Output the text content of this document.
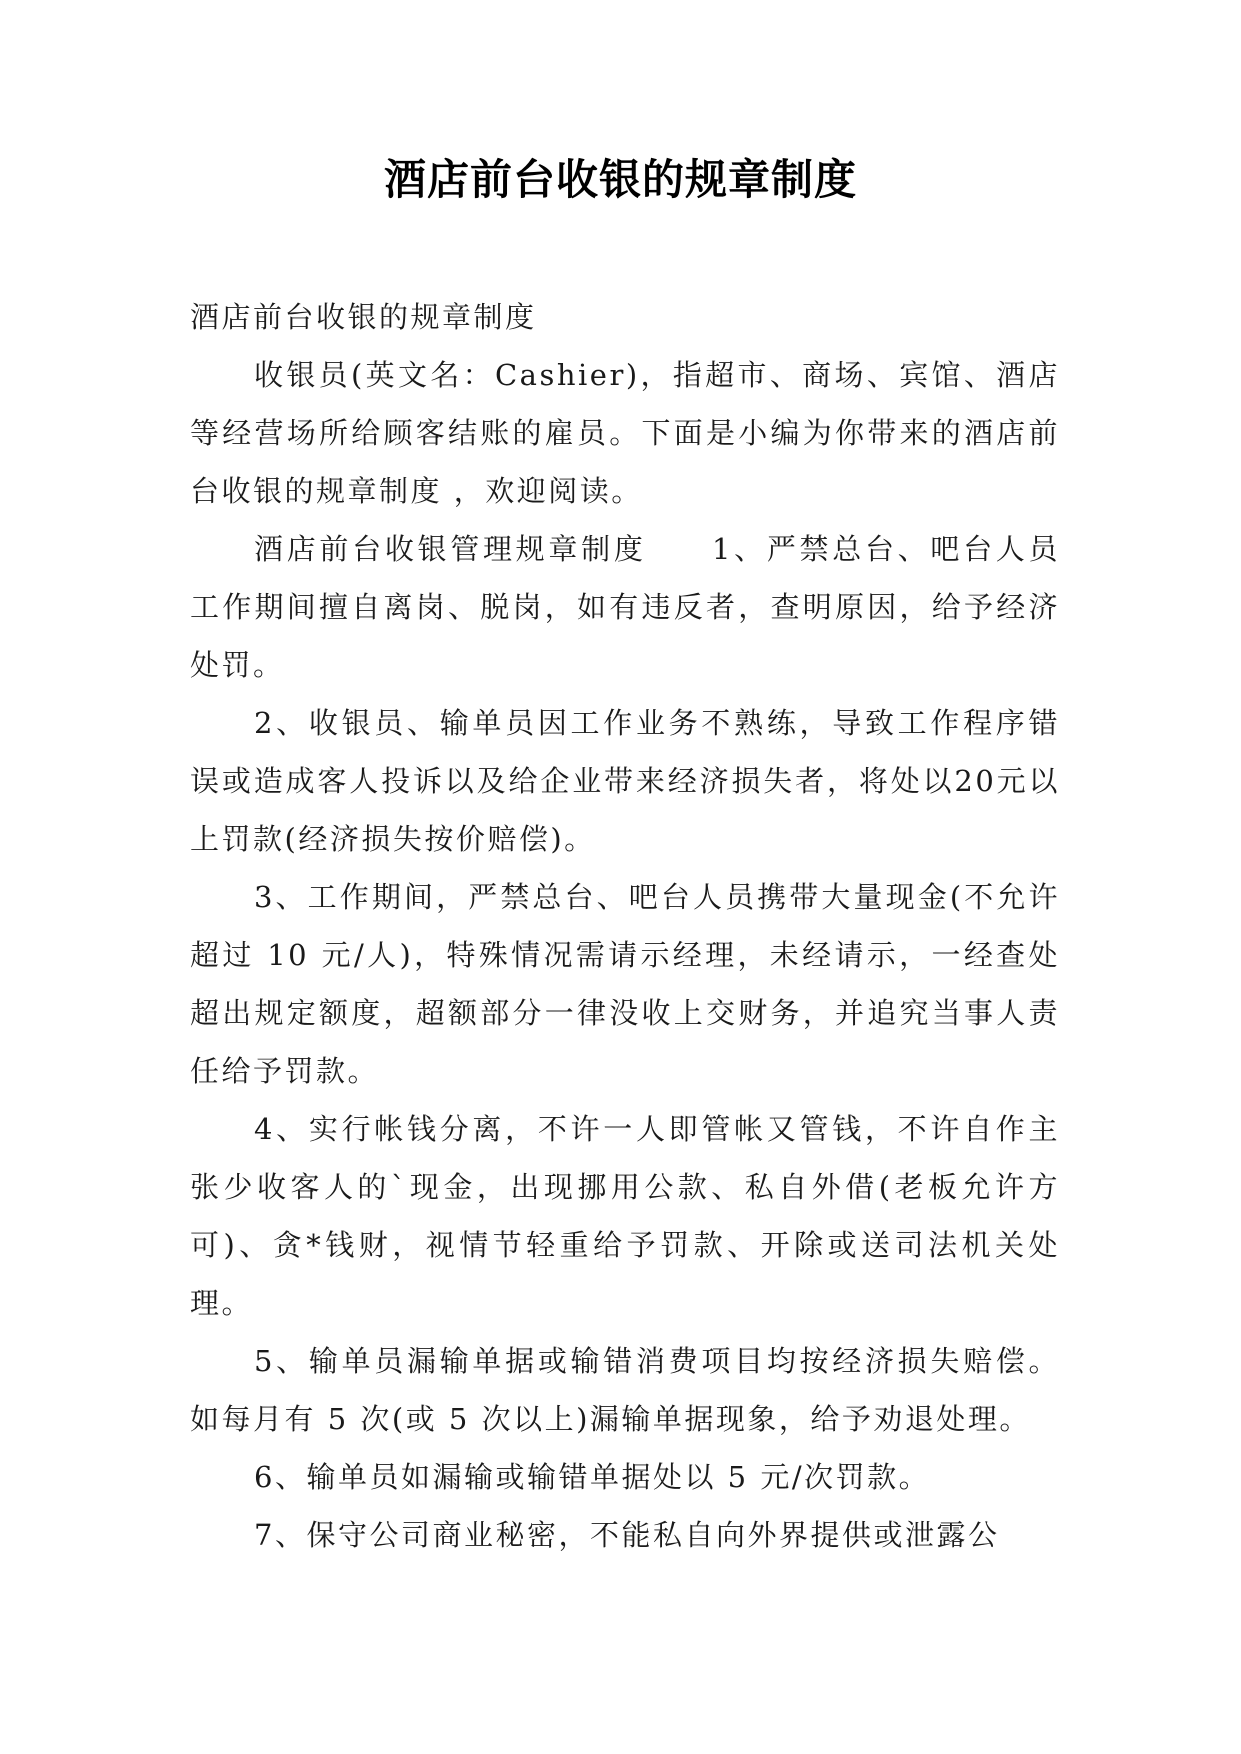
酒店前台收银的规章制度

酒店前台收银的规章制度

收银员(英文名：Cashier)，指超市、商场、宾馆、酒店等经营场所给顾客结账的雇员。下面是小编为你带来的酒店前台收银的规章制度 ，欢迎阅读。

酒店前台收银管理规章制度　　1、严禁总台、吧台人员工作期间擅自离岗、脱岗，如有违反者，查明原因，给予经济处罚。

2、收银员、输单员因工作业务不熟练，导致工作程序错误或造成客人投诉以及给企业带来经济损失者，将处以20元以上罚款(经济损失按价赔偿)。

3、工作期间，严禁总台、吧台人员携带大量现金(不允许超过 10 元/人)，特殊情况需请示经理，未经请示，一经查处超出规定额度，超额部分一律没收上交财务，并追究当事人责任给予罚款。

4、实行帐钱分离，不许一人即管帐又管钱，不许自作主张少收客人的`现金，出现挪用公款、私自外借(老板允许方可)、贪*钱财，视情节轻重给予罚款、开除或送司法机关处理。

5、输单员漏输单据或输错消费项目均按经济损失赔偿。如每月有 5 次(或 5 次以上)漏输单据现象，给予劝退处理。

6、输单员如漏输或输错单据处以 5 元/次罚款。

7、保守公司商业秘密，不能私自向外界提供或泄露公
